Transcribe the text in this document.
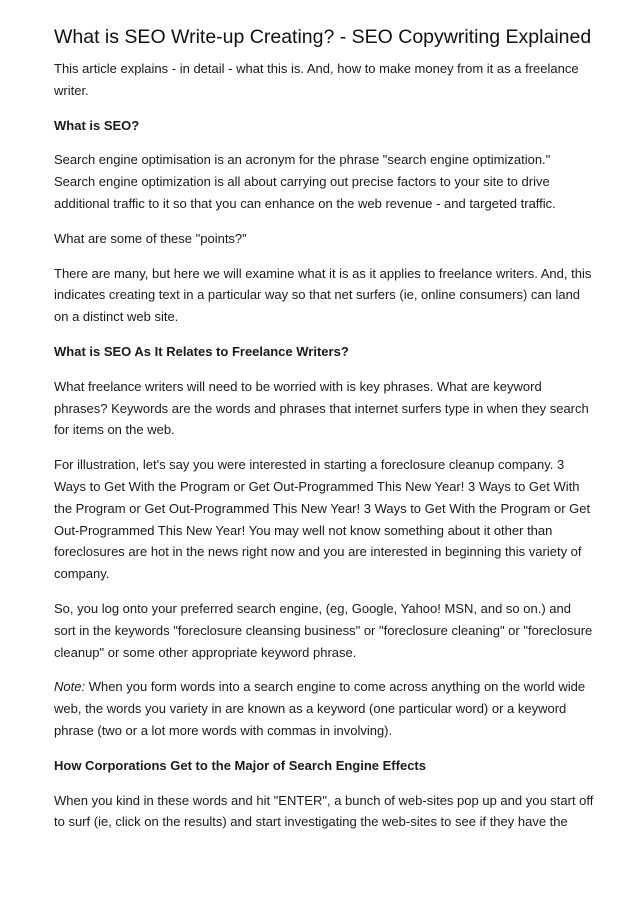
What is SEO Write-up Creating? - SEO Copywriting Explained

This article explains - in detail - what this is. And, how to make money from it as a freelance writer.

What is SEO?

Search engine optimisation is an acronym for the phrase "search engine optimization." Search engine optimization is all about carrying out precise factors to your site to drive additional traffic to it so that you can enhance on the web revenue - and targeted traffic.

What are some of these "points?"

There are many, but here we will examine what it is as it applies to freelance writers. And, this indicates creating text in a particular way so that net surfers (ie, online consumers) can land on a distinct web site.

What is SEO As It Relates to Freelance Writers?

What freelance writers will need to be worried with is key phrases. What are keyword phrases? Keywords are the words and phrases that internet surfers type in when they search for items on the web.

For illustration, let's say you were interested in starting a foreclosure cleanup company. 3 Ways to Get With the Program or Get Out-Programmed This New Year! 3 Ways to Get With the Program or Get Out-Programmed This New Year! 3 Ways to Get With the Program or Get Out-Programmed This New Year! You may well not know something about it other than foreclosures are hot in the news right now and you are interested in beginning this variety of company.

So, you log onto your preferred search engine, (eg, Google, Yahoo! MSN, and so on.) and sort in the keywords "foreclosure cleansing business" or "foreclosure cleaning" or "foreclosure cleanup" or some other appropriate keyword phrase.

Note: When you form words into a search engine to come across anything on the world wide web, the words you variety in are known as a keyword (one particular word) or a keyword phrase (two or a lot more words with commas in involving).

How Corporations Get to the Major of Search Engine Effects

When you kind in these words and hit "ENTER", a bunch of web-sites pop up and you start off to surf (ie, click on the results) and start investigating the web-sites to see if they have the
